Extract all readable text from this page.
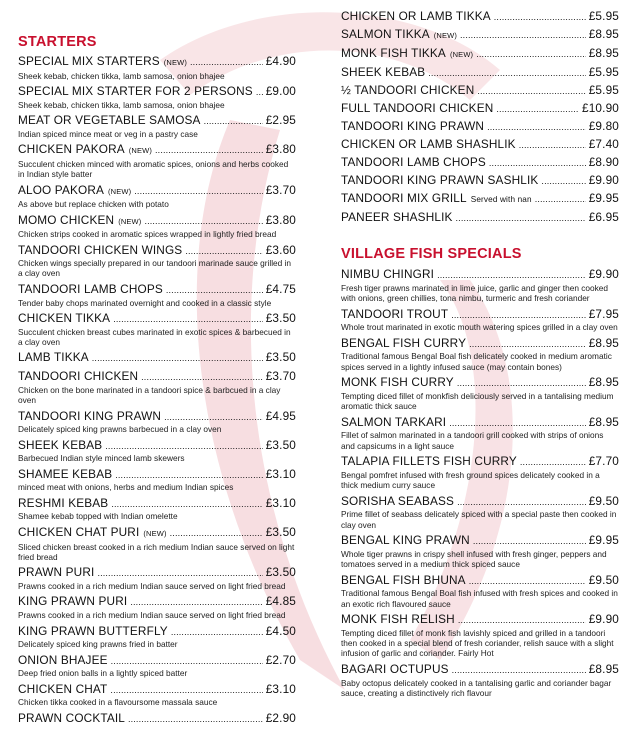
STARTERS
SPECIAL MIX STARTERS (NEW) .....	£4.90
Sheek kebab, chicken tikka, lamb samosa, onion bhajee
SPECIAL MIX STARTER FOR 2 PERSONS ..... £9.00
Sheek kebab, chicken tikka, lamb samosa, onion bhajee
MEAT OR VEGETABLE SAMOSA .....	£2.95
Indian spiced mince meat or veg in a pastry case
CHICKEN PAKORA (NEW) .....	£3.80
Succulent chicken minced with aromatic spices, onions and herbs cooked in Indian style batter
ALOO PAKORA (NEW) .....	£3.70
As above but replace chicken with potato
MOMO CHICKEN (NEW) .....	£3.80
Chicken strips cooked in aromatic spices wrapped in lightly fried bread
TANDOORI CHICKEN WINGS .....	£3.60
Chicken wings specially prepared in our tandoori marinade sauce grilled in a clay oven
TANDOORI LAMB CHOPS .....	£4.75
Tender baby chops marinated overnight and cooked in a classic style
CHICKEN TIKKA .....	£3.50
Succulent chicken breast cubes marinated in exotic spices & barbecued in a clay oven
LAMB TIKKA .....	£3.50
TANDOORI CHICKEN .....	£3.70
Chicken on the bone marinated in a tandoori spice & barbcued in a clay oven
TANDOORI KING PRAWN .....	£4.95
Delicately spiced king prawns barbecued in a clay oven
SHEEK KEBAB .....	£3.50
Barbecued Indian style minced lamb skewers
SHAMEE KEBAB .....	£3.10
minced meat with onions, herbs and medium Indian spices
RESHMI KEBAB .....	£3.10
Shamee kebab topped with Indian omelette
CHICKEN CHAT PURI (NEW) .....	£3.50
Sliced chicken breast cooked in a rich medium Indian sauce served on light fried bread
PRAWN PURI .....	£3.50
Prawns cooked in a rich medium Indian sauce served on light fried bread
KING PRAWN PURI .....	£4.85
Prawns cooked in a rich medium Indian sauce served on light fried bread
KING PRAWN BUTTERFLY .....	£4.50
Delicately spiced king prawns fried in batter
ONION BHAJEE .....	£2.70
Deep fried onion balls in a lightly spiced batter
CHICKEN CHAT .....	£3.10
Chicken tikka cooked in a flavoursome massala sauce
PRAWN COCKTAIL .....	£2.90
CHICKEN OR LAMB TIKKA .....	£5.95
SALMON TIKKA (NEW) .....	£8.95
MONK FISH TIKKA (NEW) .....	£8.95
SHEEK KEBAB .....	£5.95
½ TANDOORI CHICKEN .....	£5.95
FULL TANDOORI CHICKEN .....	£10.90
TANDOORI KING PRAWN .....	£9.80
CHICKEN OR LAMB SHASHLIK .....	£7.40
TANDOORI LAMB CHOPS .....	£8.90
TANDOORI KING PRAWN SASHLIK .....	£9.90
TANDOORI MIX GRILL Served with nan .....	£9.95
PANEER SHASHLIK .....	£6.95
VILLAGE FISH SPECIALS
NIMBU CHINGRI .....	£9.90
Fresh tiger prawns marinated in lime juice, garlic and ginger then cooked with onions, green chillies, tona nimbu, turmeric and fresh coriander
TANDOORI TROUT .....	£7.95
Whole trout marinated in exotic mouth watering spices grilled in a clay oven
BENGAL FISH CURRY .....	£8.95
Traditional famous Bengal Boal fish delicately cooked in medium aromatic spices served in a lightly infused sauce (may contain bones)
MONK FISH CURRY .....	£8.95
Tempting diced fillet of monkfish deliciously served in a tantalising medium aromatic thick sauce
SALMON TARKARI .....	£8.95
Fillet of salmon marinated in a tandoori grill cooked with strips of onions and capsicums in a light sauce
TALAPIA FILLETS FISH CURRY .....	£7.70
Bengal pomfret infused with fresh ground spices delicately cooked in a thick medium curry sauce
SORISHA SEABASS .....	£9.50
Prime fillet of seabass delicately spiced with a special paste then cooked in clay oven
BENGAL KING PRAWN .....	£9.95
Whole tiger prawns in crispy shell infused with fresh ginger, peppers and tomatoes served in a medium thick spiced sauce
BENGAL FISH BHUNA .....	£9.50
Traditional famous Bengal Boal fish infused with fresh spices and cooked in an exotic rich flavoured sauce
MONK FISH RELISH .....	£9.90
Tempting diced fillet of monk fish lavishly spiced and grilled in a tandoori then cooked in a special blend of fresh coriander, relish sauce with a slight infusion of garlic and coriander. Fairly Hot
BAGARI OCTUPUS .....	£8.95
Baby octopus delicately cooked in a tantalising garlic and coriander bagar sauce, creating a distinctively rich flavour
